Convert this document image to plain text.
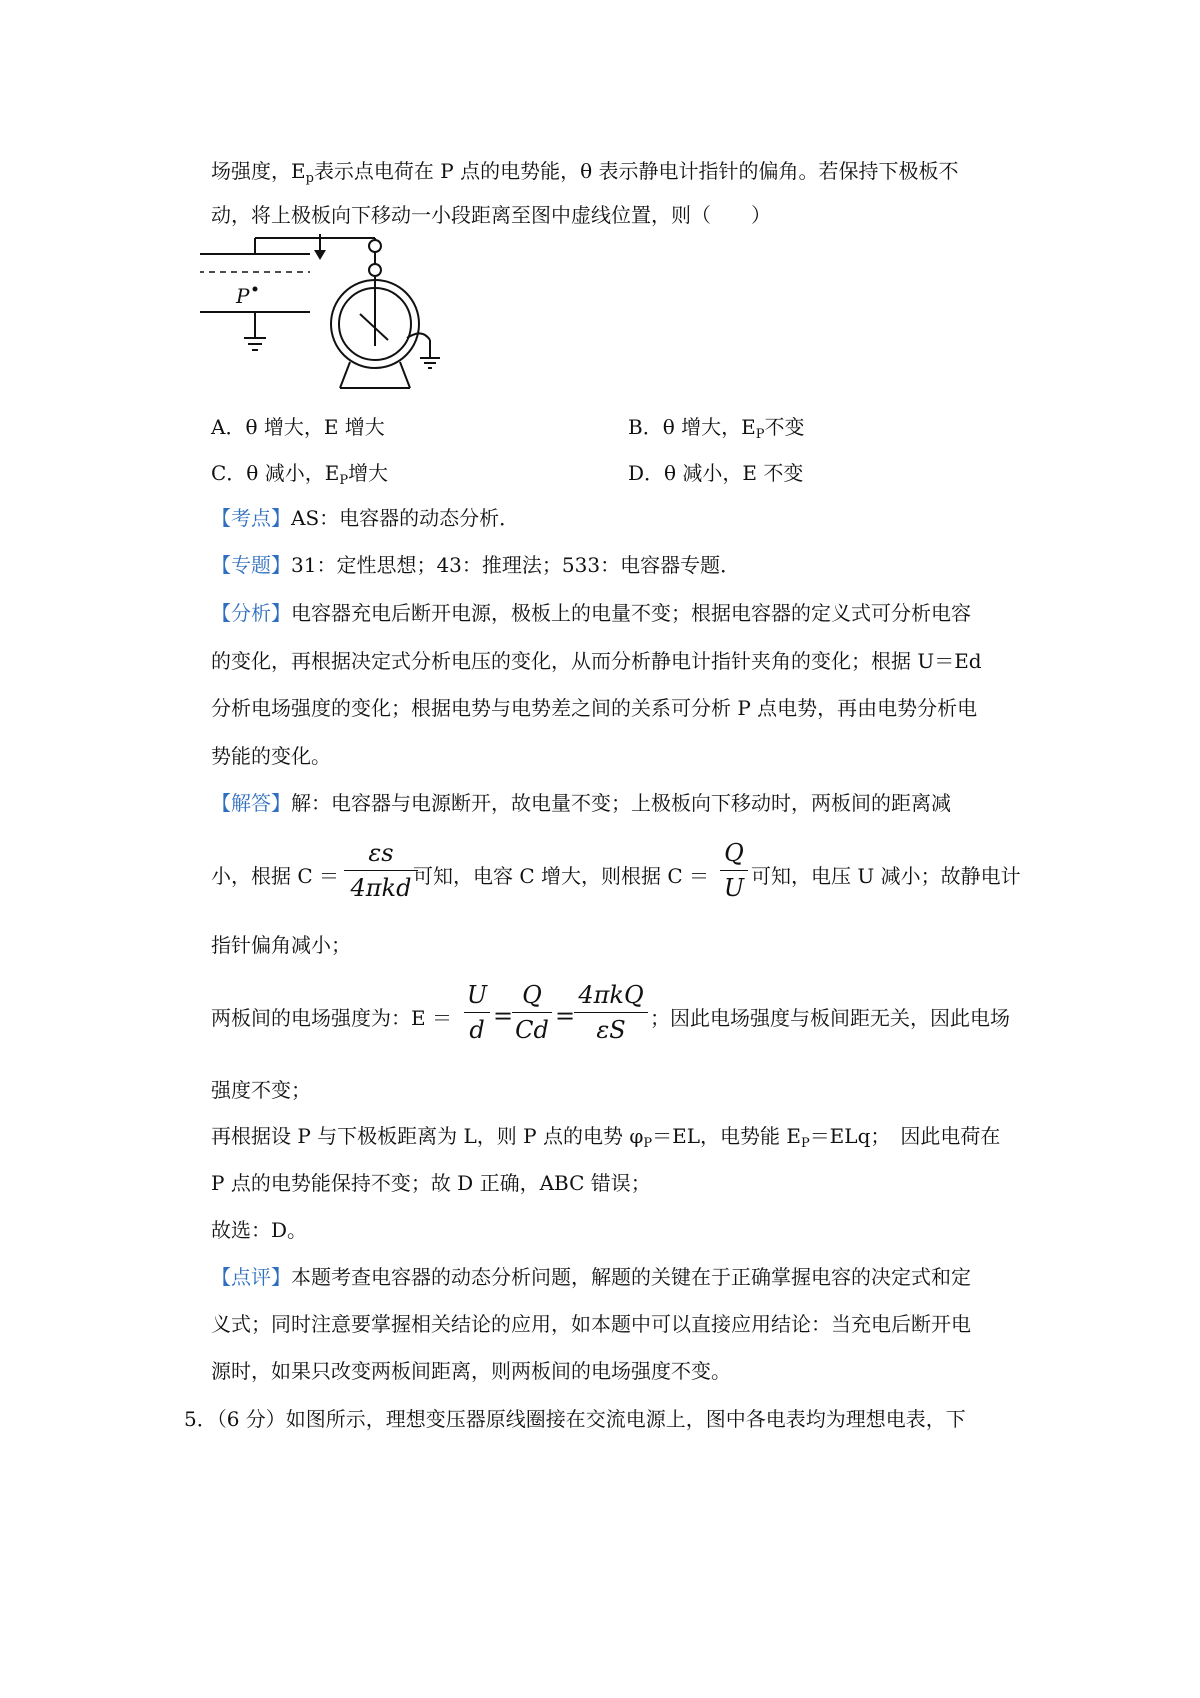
场强度，$E_p$表示点电荷在 P 点的电势能，θ 表示静电计指针的偏角。若保持下极板不
动，将上极板向下移动一小段距离至图中虚线位置，则（　　）
P
A．θ 增大，E 增大	B．θ 增大，$E_P$不变
C．θ 减小，$E_P$增大	D．θ 减小，E 不变
【考点】AS：电容器的动态分析．
【专题】31：定性思想；43：推理法；533：电容器专题．
【分析】电容器充电后断开电源，极板上的电量不变；根据电容器的定义式可分析电容
的变化，再根据决定式分析电压的变化，从而分析静电计指针夹角的变化；根据 U＝Ed
分析电场强度的变化；根据电势与电势差之间的关系可分析 P 点电势，再由电势分析电
势能的变化。
【解答】解：电容器与电源断开，故电量不变；上极板向下移动时，两板间的距离减
小，根据 C ＝
εs
4πkd 可知，电容 C 增大，则根据 C ＝
Q
U 可知，电压 U 减小；故静电计
指针偏角减小；
两板间的电场强度为：E ＝
U
d =
Q
Cd =
4πkQ
εS	；因此电场强度与板间距无关，因此电场
强度不变；
再根据设 P 与下极板距离为 L，则 P 点的电势 $\varphi_P=EL$，电势能 $E_P=ELq$；　因此电荷在
P 点的电势能保持不变；故 D 正确，ABC 错误；
故选：D。
【点评】本题考查电容器的动态分析问题，解题的关键在于正确掌握电容的决定式和定
义式；同时注意要掌握相关结论的应用，如本题中可以直接应用结论：当充电后断开电
源时，如果只改变两板间距离，则两板间的电场强度不变。
5．（6 分）如图所示，理想变压器原线圈接在交流电源上，图中各电表均为理想电表，下
